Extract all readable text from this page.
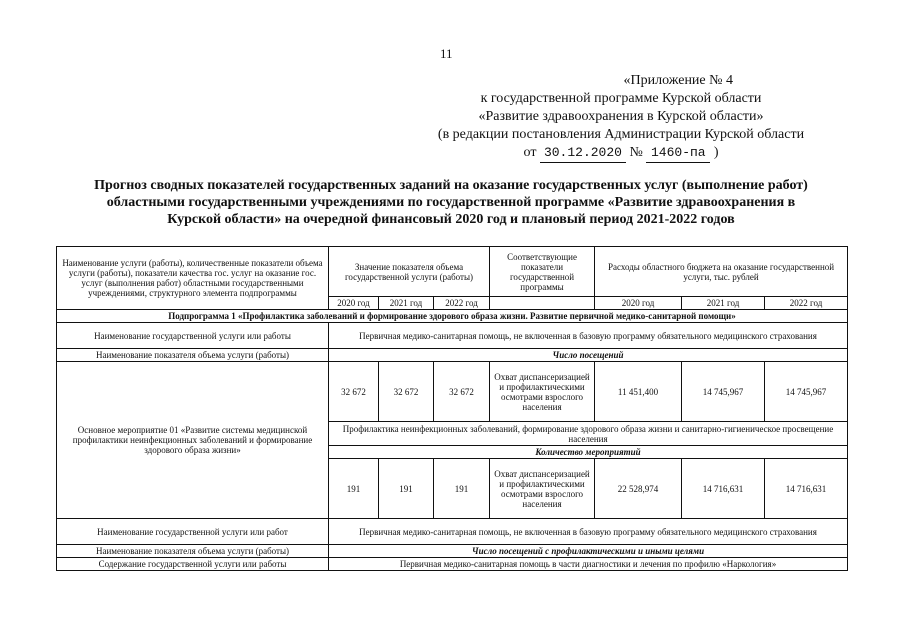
11
«Приложение № 4
к государственной программе Курской области
«Развитие здравоохранения в Курской области»
(в редакции постановления Администрации Курской области
от 30.12.2020 № 1460-па )
Прогноз сводных показателей государственных заданий на оказание государственных услуг (выполнение работ)
областными государственными учреждениями по государственной программе «Развитие здравоохранения в
Курской области» на очередной финансовый 2020 год и плановый период 2021-2022 годов
Наименование услуги (работы), количественные показатели объема услуги (работы), показатели качества гос. услуг на оказание гос. услуг (выполнения работ) областными государственными учреждениями, структурного элемента подпрограммы	Значение показателя объема государственной услуги (работы)			Соответствующие показатели государственной программы	Расходы областного бюджета на оказание государственной услуги, тыс. рублей		
	2020 год	2021 год	2022 год		2020 год	2021 год	2022 год
Подпрограмма 1 «Профилактика заболеваний и формирование здорового образа жизни. Развитие первичной медико-санитарной помощи»							
Наименование государственной услуги или работы	Первичная медико-санитарная помощь, не включенная в базовую программу обязательного медицинского страхования						
Наименование показателя объема услуги (работы)	Число посещений						
Основное мероприятие 01 «Развитие системы медицинской профилактики неинфекционных заболеваний и формирование здорового образа жизни»	32 672	32 672	32 672	Охват диспансеризацией и профилактическими осмотрами взрослого населения	11 451,400	14 745,967	14 745,967
	Профилактика неинфекционных заболеваний, формирование здорового образа жизни и санитарно-гигиеническое просвещение населения						
	Количество мероприятий						
	191	191	191	Охват диспансеризацией и профилактическими осмотрами взрослого населения	22 528,974	14 716,631	14 716,631
Наименование государственной услуги или работ	Первичная медико-санитарная помощь, не включенная в базовую программу обязательного медицинского страхования						
Наименование показателя объема услуги (работы)	Число посещений с профилактическими и иными целями						
Содержание государственной услуги или работы	Первичная медико-санитарная помощь в части диагностики и лечения по профилю «Наркология»						
